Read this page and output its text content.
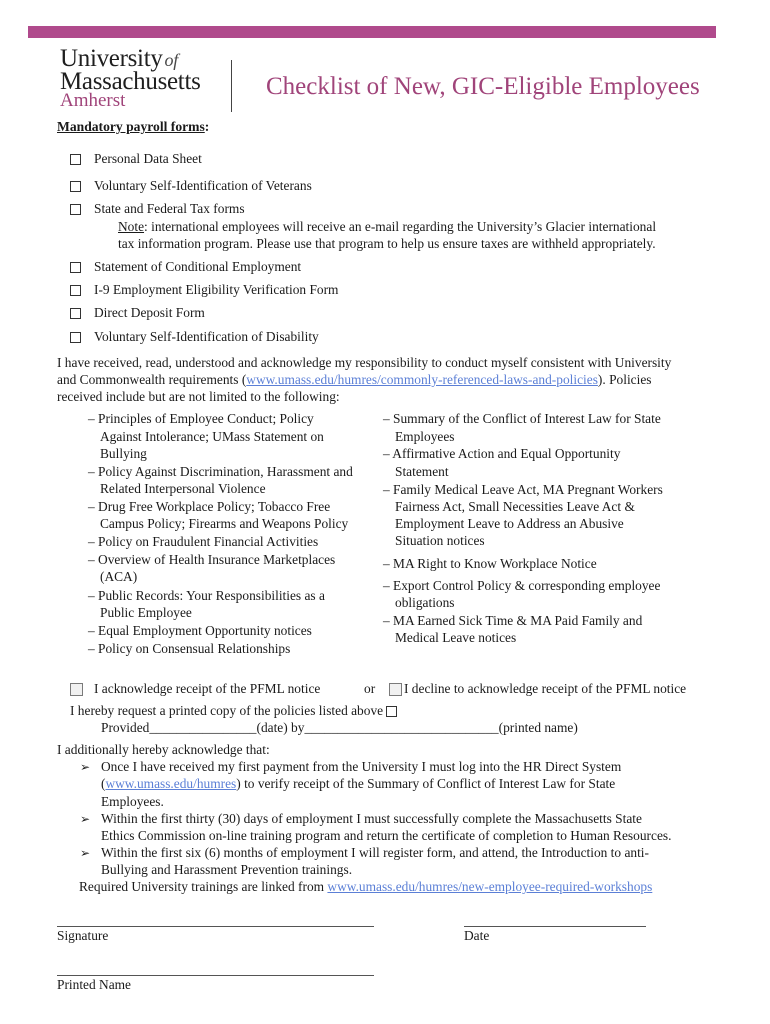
University of
Massachusetts
Amherst
Checklist of New, GIC-Eligible Employees
Mandatory payroll forms:
Personal Data Sheet
Voluntary Self-Identification of Veterans
State and Federal Tax forms
Note: international employees will receive an e-mail regarding the University’s Glacier international
tax information program. Please use that program to help us ensure taxes are withheld appropriately.
Statement of Conditional Employment
I-9 Employment Eligibility Verification Form
Direct Deposit Form
Voluntary Self-Identification of Disability
I have received, read, understood and acknowledge my responsibility to conduct myself consistent with University
and Commonwealth requirements (www.umass.edu/humres/commonly-referenced-laws-and-policies). Policies
received include but are not limited to the following:
– Principles of Employee Conduct; Policy
Against Intolerance; UMass Statement on
Bullying
– Policy Against Discrimination, Harassment and
Related Interpersonal Violence
– Drug Free Workplace Policy; Tobacco Free
Campus Policy; Firearms and Weapons Policy
– Policy on Fraudulent Financial Activities
– Overview of Health Insurance Marketplaces
(ACA)
– Public Records: Your Responsibilities as a
Public Employee
– Equal Employment Opportunity notices
– Policy on Consensual Relationships
– Summary of the Conflict of Interest Law for State
Employees
– Affirmative Action and Equal Opportunity
Statement
– Family Medical Leave Act, MA Pregnant Workers
Fairness Act, Small Necessities Leave Act &
Employment Leave to Address an Abusive
Situation notices
– MA Right to Know Workplace Notice
– Export Control Policy & corresponding employee
obligations
– MA Earned Sick Time & MA Paid Family and
Medical Leave notices
I acknowledge receipt of the PFML notice	or I decline to acknowledge receipt of the PFML notice
I hereby request a printed copy of the policies listed above
Provided________________(date) by_____________________________(printed name)
I additionally hereby acknowledge that:
➢ Once I have received my first payment from the University I must log into the HR Direct System
(www.umass.edu/humres) to verify receipt of the Summary of Conflict of Interest Law for State
Employees.
➢ Within the first thirty (30) days of employment I must successfully complete the Massachusetts State
Ethics Commission on-line training program and return the certificate of completion to Human Resources.
➢ Within the first six (6) months of employment I will register form, and attend, the Introduction to anti-
Bullying and Harassment Prevention trainings.
Required University trainings are linked from www.umass.edu/humres/new-employee-required-workshops
Signature	Date
Printed Name
